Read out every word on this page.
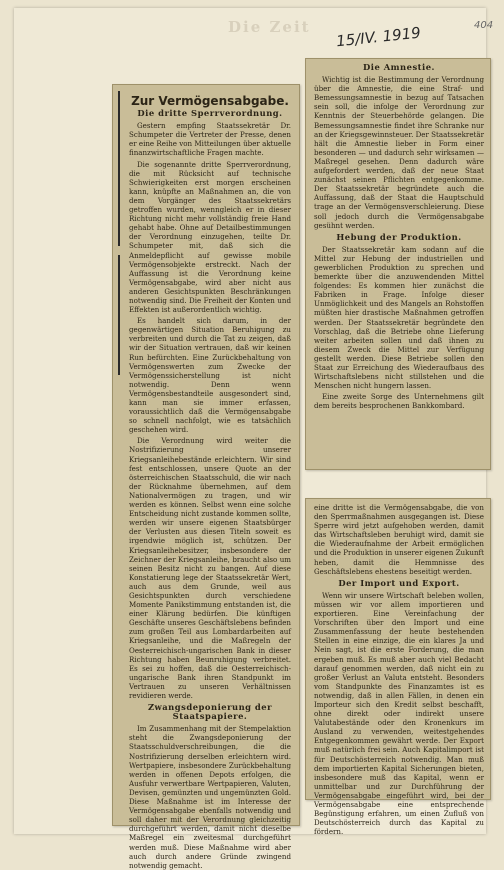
Die Zeit 15/IV. 1919	404
Zur Vermögensabgabe.
Die dritte Sperrverordnung.

Gestern empfing Staatssekretär Dr. Schumpeter die Vertreter der Presse, denen er eine Reihe von Mitteilungen über aktuelle finanzwirtschaftliche Fragen machte.

Die sogenannte dritte Sperrverordnung, die mit Rücksicht auf technische Schwierigkeiten erst morgen erscheinen kann, knüpfte an Maßnahmen an, die von dem Vorgänger des Staatssekretärs getroffen wurden, wenngleich er in dieser Richtung nicht mehr vollständig freie Hand gehabt habe. Ohne auf Detailbestimmungen der Verordnung einzugehen, teilte Dr. Schumpeter mit, daß sich die Anmeldepflicht auf gewisse mobile Vermögensobjekte erstreckt. Nach der Auffassung ist die Verordnung keine Vermögensabgabe, wird aber nicht aus anderen Gesichtspunkten Beschränkungen notwendig sind. Die Freiheit der Konten und Effekten ist außerordentlich wichtig.

Es handelt sich darum, in der gegenwärtigen Situation Beruhigung zu verbreiten und durch die Tat zu zeigen, daß wir der Situation vertrauen, daß wir keinen Run befürchten. Eine Zurückbehaltung von Vermögenswerten zum Zwecke der Vermögenssicherstellung ist nicht notwendig. Denn wenn Vermögensbestandteile ausgesondert sind, kann man sie immer erfassen, voraussichtlich daß die Vermögensabgabe so schnell nachfolgt, wie es tatsächlich geschehen wird.

Die Verordnung wird weiter die Nostrifizierung unserer Kriegsanleihebestände erleichtern. Wir sind fest entschlossen, unsere Quote an der österreichischen Staatsschuld, die wir nach der Rücknahme übernehmen, auf dem Nationalvermögen zu tragen, und wir werden es können. Selbst wenn eine solche Entscheidung nicht zustande kommen sollte, werden wir unsere eigenen Staatsbürger der Verlusten aus diesen Titeln soweit es irgendwie möglich ist, schützen. Der Kriegsanleihebesitzer, insbesondere der Zeichner der Kriegsanleihe, braucht also um seinen Besitz nicht zu bangen. Auf diese Konstatierung lege der Staatssekretär Wert, auch aus dem Grunde, weil aus Gesichtspunkten durch verschiedene Momente Panikstimmung entstanden ist, die einer Klärung bedürfen. Die künftigen Geschäfte unseres Geschäftslebens befinden zum großen Teil aus Lombardarbeiten auf Kriegsanleihe, und die Maßregeln der Oesterreichisch-ungarischen Bank in dieser Richtung haben Beunruhigung verbreitet. Es sei zu hoffen, daß die Oesterreichisch-ungarische Bank ihren Standpunkt im Vertrauen zu unseren Verhältnissen revidieren werde.

Zwangsdeponierung der Staatspapiere.

Im Zusammenhang mit der Stempelaktion steht die Zwangsdeponierung der Staatsschuldverschreibungen, die die Nostrifizierung derselben erleichtern wird. Wertpapiere, insbesondere Zurückbehaltung werden in offenen Depots erfolgen, die Ausfuhr verwertbare Wertpapieren, Valuten, Devisen, gemünzten und ungemünzten Gold. Diese Maßnahme ist im Interesse der Vermögensabgabe ebenfalls notwendig und soll daher mit der Verordnung gleichzeitig durchgeführt werden, damit nicht dieselbe Maßregel ein zweitesmal durchgeführt werden muß. Diese Maßnahme wird aber auch durch andere Gründe zwingend notwendig gemacht.

Die Amnestie.

Wichtig ist die Bestimmung der Verordnung über die Amnestie, die eine Straf- und Bemessungsamnestie in bezug auf Tatsachen sein soll, die infolge der Verordnung zur Kenntnis der Steuerbehörde gelangen. Die Bemessungsamnestie findet ihre Schranke nur an der Kriegsgewinnsteuer. Der Staatssekretär hält die Amnestie lieber in Form einer besonderen — und dadurch sehr wirksamen — Maßregel gesehen. Denn dadurch wäre aufgefordert werden, daß der neue Staat zunächst seinen Pflichten entgegenkomme. Der Staatssekretär begründete auch die Auffassung, daß der Staat die Hauptschuld trage an der Vermögensverschleierung. Diese soll jedoch durch die Vermögensabgabe gesühnt werden.

Hebung der Produktion.

Der Staatssekretär kam sodann auf die Mittel zur Hebung der industriellen und gewerblichen Produktion zu sprechen und bemerkte über die anzuwendenden Mittel folgendes: Es kommen hier zunächst die Fabriken in Frage. Infolge dieser Unmöglichkeit und des Mangels an Rohstoffen müßten hier drastische Maßnahmen getroffen werden. Der Staatssekretär begründete den Vorschlag, daß die Betriebe ohne Lieferung weiter arbeiten sollen und daß ihnen zu diesem Zweck die Mittel zur Verfügung gestellt werden. Diese Betriebe sollen den Staat zur Erreichung des Wiederaufbaus des Wirtschaftslebens nicht stillstehen und die Menschen nicht hungern lassen.

Eine zweite Sorge des Unternehmens gilt dem bereits besprochenen Bankkombard.

eine dritte ist die Vermögensabgabe, die von den Sperrmaßnahmen ausgegangen ist. Diese Sperre wird jetzt aufgehoben werden, damit das Wirtschaftsleben beruhigt wird, damit sie die Wiederaufnahme der Arbeit ermöglichen und die Produktion in unserer eigenen Zukunft heben, damit die Hemmnisse des Geschäftslebens ehestens beseitigt werden.

Der Import und Export.

Wenn wir unsere Wirtschaft beleben wollen, müssen wir vor allem importieren und exportieren. Eine Vereinfachung der Vorschriften über den Import und eine Zusammenfassung der heute bestehenden Stellen in eine einzige, die ein klares Ja und Nein sagt, ist die erste Forderung, die man ergeben muß. Es muß aber auch viel Bedacht darauf genommen werden, daß nicht ein zu großer Verlust an Valuta entsteht. Besonders vom Standpunkte des Finanzamtes ist es notwendig, daß in allen Fällen, in denen ein Importeur sich den Kredit selbst beschafft, ohne direkt oder indirekt unsere Valutabestände oder den Kronenkurs im Ausland zu verwenden, weitestgehendes Entgegenkommen gewährt werde. Der Export muß natürlich frei sein. Auch Kapitalimport ist für Deutschösterreich notwendig. Man muß dem importierten Kapital Sicherungen bieten, insbesondere muß das Kapital, wenn er unmittelbar und zur Durchführung der Vermögensabgabe eingeführt wird, bei der Vermögensabgabe eine entsprechende Begünstigung erfahren, um einen Zufluß von Deutschösterreich durch das Kapital zu fördern.
